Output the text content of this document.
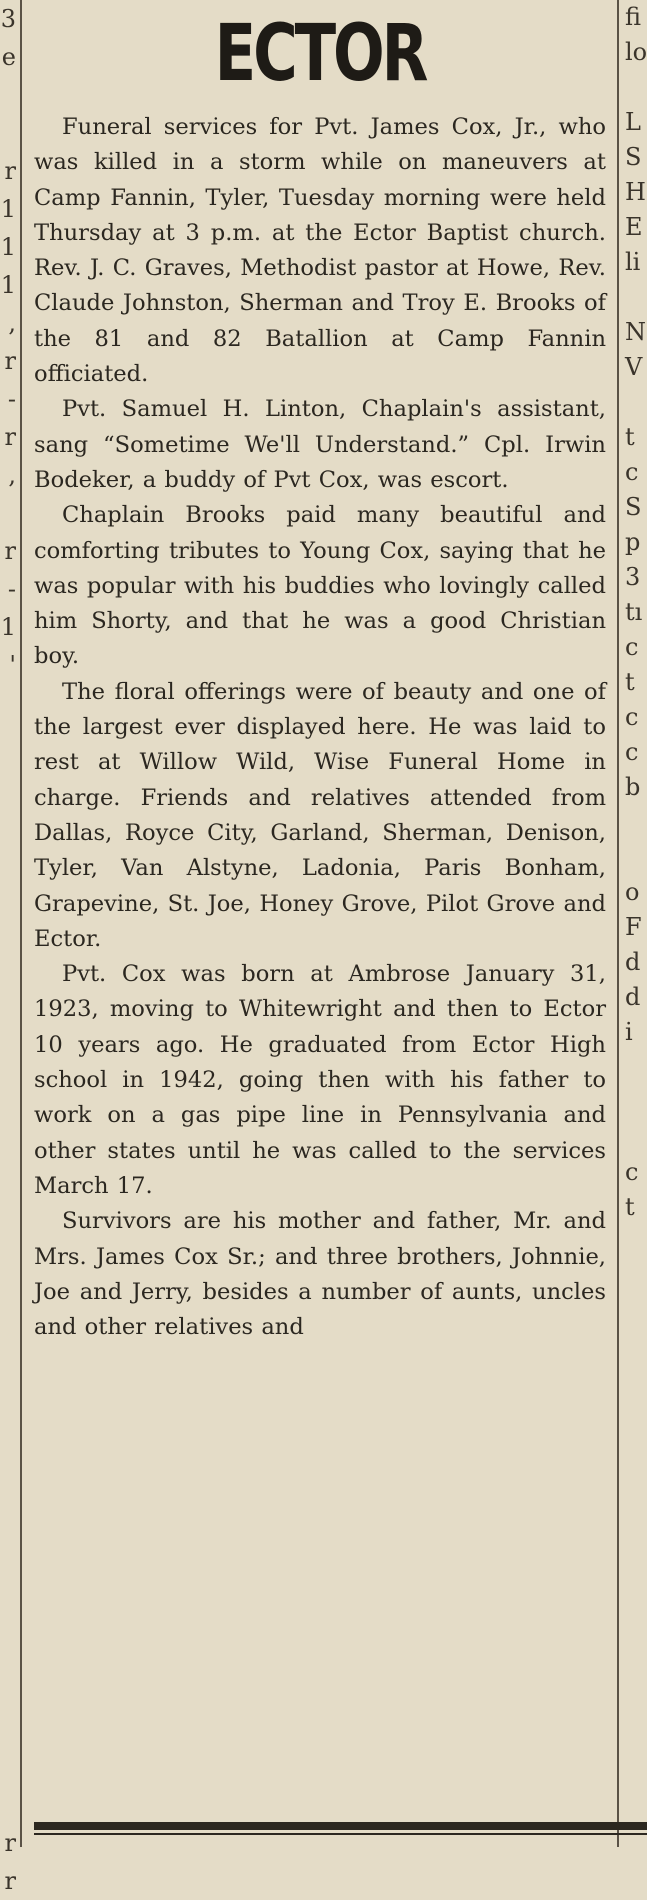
3
e
r
1
1
1
,
r
-
r
,
r
-
1
'
r
r
ECTOR

Funeral services for Pvt. James Cox, Jr., who was killed in a storm while on maneuvers at Camp Fannin, Tyler, Tuesday morning were held Thursday at 3 p.m. at the Ector Baptist church. Rev. J. C. Graves, Methodist pastor at Howe, Rev. Claude Johnston, Sherman and Troy E. Brooks of the 81 and 82 Batallion at Camp Fannin officiated.

Pvt. Samuel H. Linton, Chaplain's assistant, sang “Sometime We'll Understand.” Cpl. Irwin Bodeker, a buddy of Pvt Cox, was escort.

Chaplain Brooks paid many beautiful and comforting tributes to Young Cox, saying that he was popular with his buddies who lovingly called him Shorty, and that he was a good Christian boy.

The floral offerings were of beauty and one of the largest ever displayed here. He was laid to rest at Willow Wild, Wise Funeral Home in charge. Friends and relatives attended from Dallas, Royce City, Garland, Sherman, Denison, Tyler, Van Alstyne, Ladonia, Paris Bonham, Grapevine, St. Joe, Honey Grove, Pilot Grove and Ector.

Pvt. Cox was born at Ambrose January 31, 1923, moving to Whitewright and then to Ector 10 years ago. He graduated from Ector High school in 1942, going then with his father to work on a gas pipe line in Pennsylvania and other states until he was called to the services March 17.

Survivors are his mother and father, Mr. and Mrs. James Cox Sr.; and three brothers, Johnnie, Joe and Jerry, besides a number of aunts, uncles and other relatives and

fi
lo
L
S
H
E
li
N
V
t
c
S
p
3
tı
c
t
c
c
b
o
F
d
d
i
c
t
